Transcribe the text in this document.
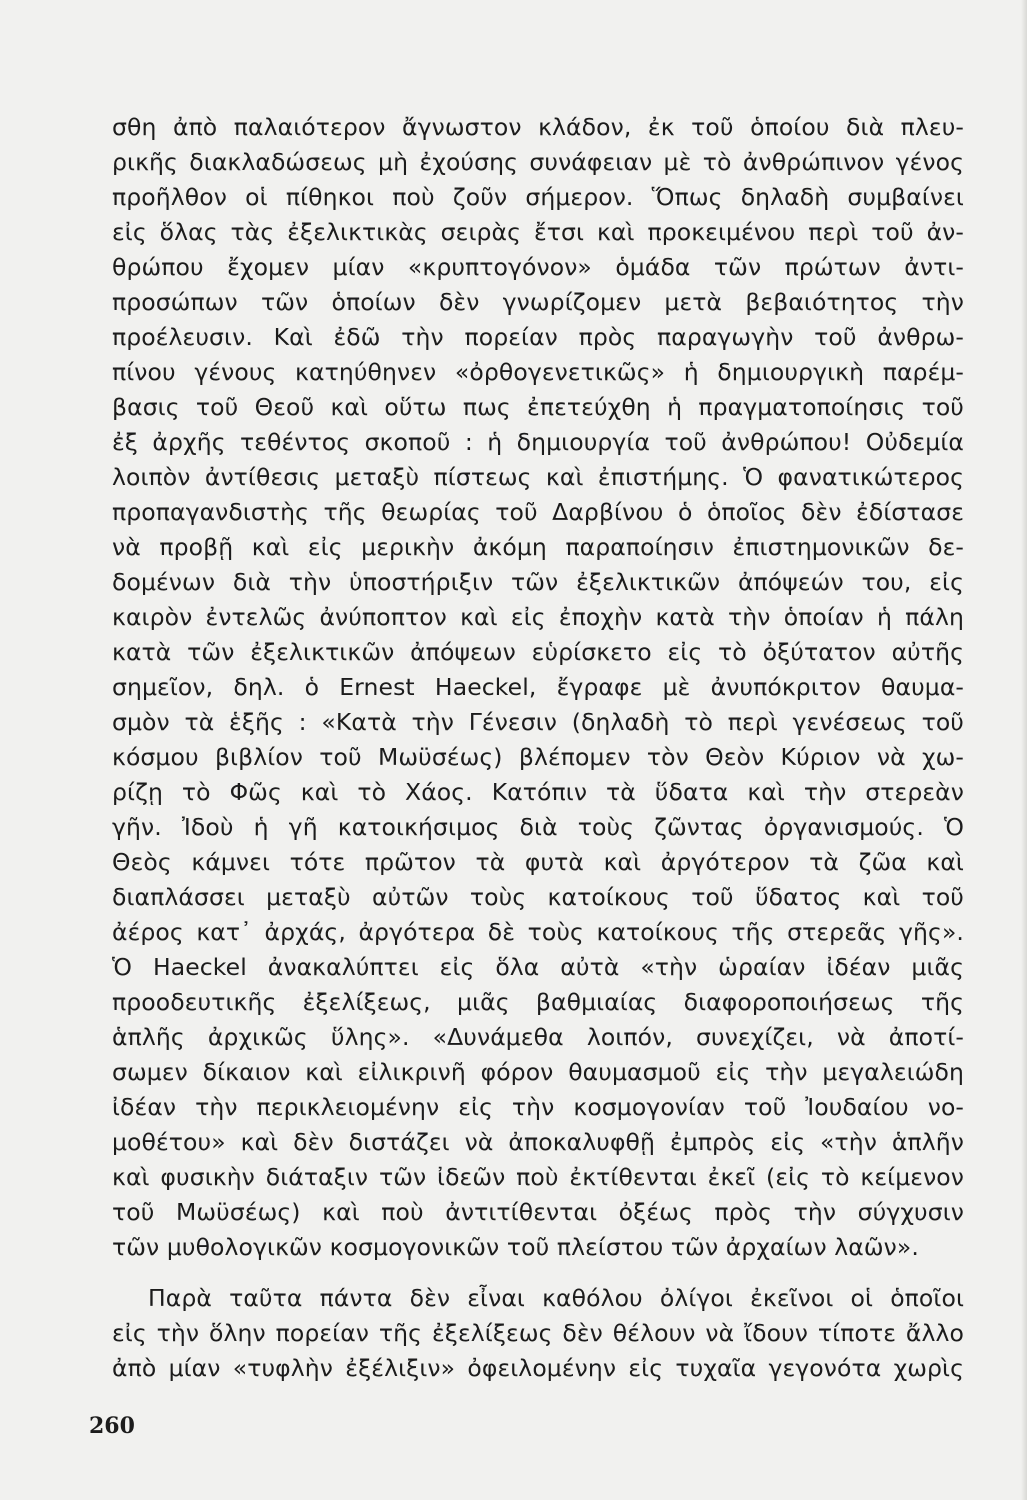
σθη ἀπὸ παλαιότερον ἄγνωστον κλάδον, ἐκ τοῦ ὁποίου διὰ πλευ-
ρικῆς διακλαδώσεως μὴ ἐχούσης συνάφειαν μὲ τὸ ἀνθρώπινον γένος
προῆλθον οἱ πίθηκοι ποὺ ζοῦν σήμερον. Ὅπως δηλαδὴ συμβαίνει
εἰς ὅλας τὰς ἐξελικτικὰς σειρὰς ἔτσι καὶ προκειμένου περὶ τοῦ ἀν-
θρώπου ἔχομεν μίαν «κρυπτογόνον» ὁμάδα τῶν πρώτων ἀντι-
προσώπων τῶν ὁποίων δὲν γνωρίζομεν μετὰ βεβαιότητος τὴν
προέλευσιν. Καὶ ἐδῶ τὴν πορείαν πρὸς παραγωγὴν τοῦ ἀνθρω-
πίνου γένους κατηύθηνεν «ὀρθογενετικῶς» ἡ δημιουργικὴ παρέμ-
βασις τοῦ Θεοῦ καὶ οὕτω πως ἐπετεύχθη ἡ πραγματοποίησις τοῦ
ἐξ ἀρχῆς τεθέντος σκοποῦ : ἡ δημιουργία τοῦ ἀνθρώπου! Οὐδεμία
λοιπὸν ἀντίθεσις μεταξὺ πίστεως καὶ ἐπιστήμης. Ὁ φανατικώτερος
προπαγανδιστὴς τῆς θεωρίας τοῦ Δαρβίνου ὁ ὁποῖος δὲν ἐδίστασε
νὰ προβῇ καὶ εἰς μερικὴν ἀκόμη παραποίησιν ἐπιστημονικῶν δε-
δομένων διὰ τὴν ὑποστήριξιν τῶν ἐξελικτικῶν ἀπόψεών του, εἰς
καιρὸν ἐντελῶς ἀνύποπτον καὶ εἰς ἐποχὴν κατὰ τὴν ὁποίαν ἡ πάλη
κατὰ τῶν ἐξελικτικῶν ἀπόψεων εὑρίσκετο εἰς τὸ ὀξύτατον αὐτῆς
σημεῖον, δηλ. ὁ Ernest Haeckel, ἔγραφε μὲ ἀνυπόκριτον θαυμα-
σμὸν τὰ ἑξῆς : «Κατὰ τὴν Γένεσιν (δηλαδὴ τὸ περὶ γενέσεως τοῦ
κόσμου βιβλίον τοῦ Μωϋσέως) βλέπομεν τὸν Θεὸν Κύριον νὰ χω-
ρίζῃ τὸ Φῶς καὶ τὸ Χάος. Κατόπιν τὰ ὕδατα καὶ τὴν στερεὰν
γῆν. Ἰδοὺ ἡ γῆ κατοικήσιμος διὰ τοὺς ζῶντας ὀργανισμούς. Ὁ
Θεὸς κάμνει τότε πρῶτον τὰ φυτὰ καὶ ἀργότερον τὰ ζῶα καὶ
διαπλάσσει μεταξὺ αὐτῶν τοὺς κατοίκους τοῦ ὕδατος καὶ τοῦ
ἀέρος κατ᾽ ἀρχάς, ἀργότερα δὲ τοὺς κατοίκους τῆς στερεᾶς γῆς».
Ὁ Haeckel ἀνακαλύπτει εἰς ὅλα αὐτὰ «τὴν ὡραίαν ἰδέαν μιᾶς
προοδευτικῆς ἐξελίξεως, μιᾶς βαθμιαίας διαφοροποιήσεως τῆς
ἁπλῆς ἀρχικῶς ὕλης». «Δυνάμεθα λοιπόν, συνεχίζει, νὰ ἀποτί-
σωμεν δίκαιον καὶ εἰλικρινῆ φόρον θαυμασμοῦ εἰς τὴν μεγαλειώδη
ἰδέαν τὴν περικλειομένην εἰς τὴν κοσμογονίαν τοῦ Ἰουδαίου νο-
μοθέτου» καὶ δὲν διστάζει νὰ ἀποκαλυφθῇ ἐμπρὸς εἰς «τὴν ἁπλῆν
καὶ φυσικὴν διάταξιν τῶν ἰδεῶν ποὺ ἐκτίθενται ἐκεῖ (εἰς τὸ κείμενον
τοῦ Μωϋσέως) καὶ ποὺ ἀντιτίθενται ὀξέως πρὸς τὴν σύγχυσιν
τῶν μυθολογικῶν κοσμογονικῶν τοῦ πλείστου τῶν ἀρχαίων λαῶν».
Παρὰ ταῦτα πάντα δὲν εἶναι καθόλου ὀλίγοι ἐκεῖνοι οἱ ὁποῖοι
εἰς τὴν ὅλην πορείαν τῆς ἐξελίξεως δὲν θέλουν νὰ ἴδουν τίποτε ἄλλο
ἀπὸ μίαν «τυφλὴν ἐξέλιξιν» ὀφειλομένην εἰς τυχαῖα γεγονότα χωρὶς
260
